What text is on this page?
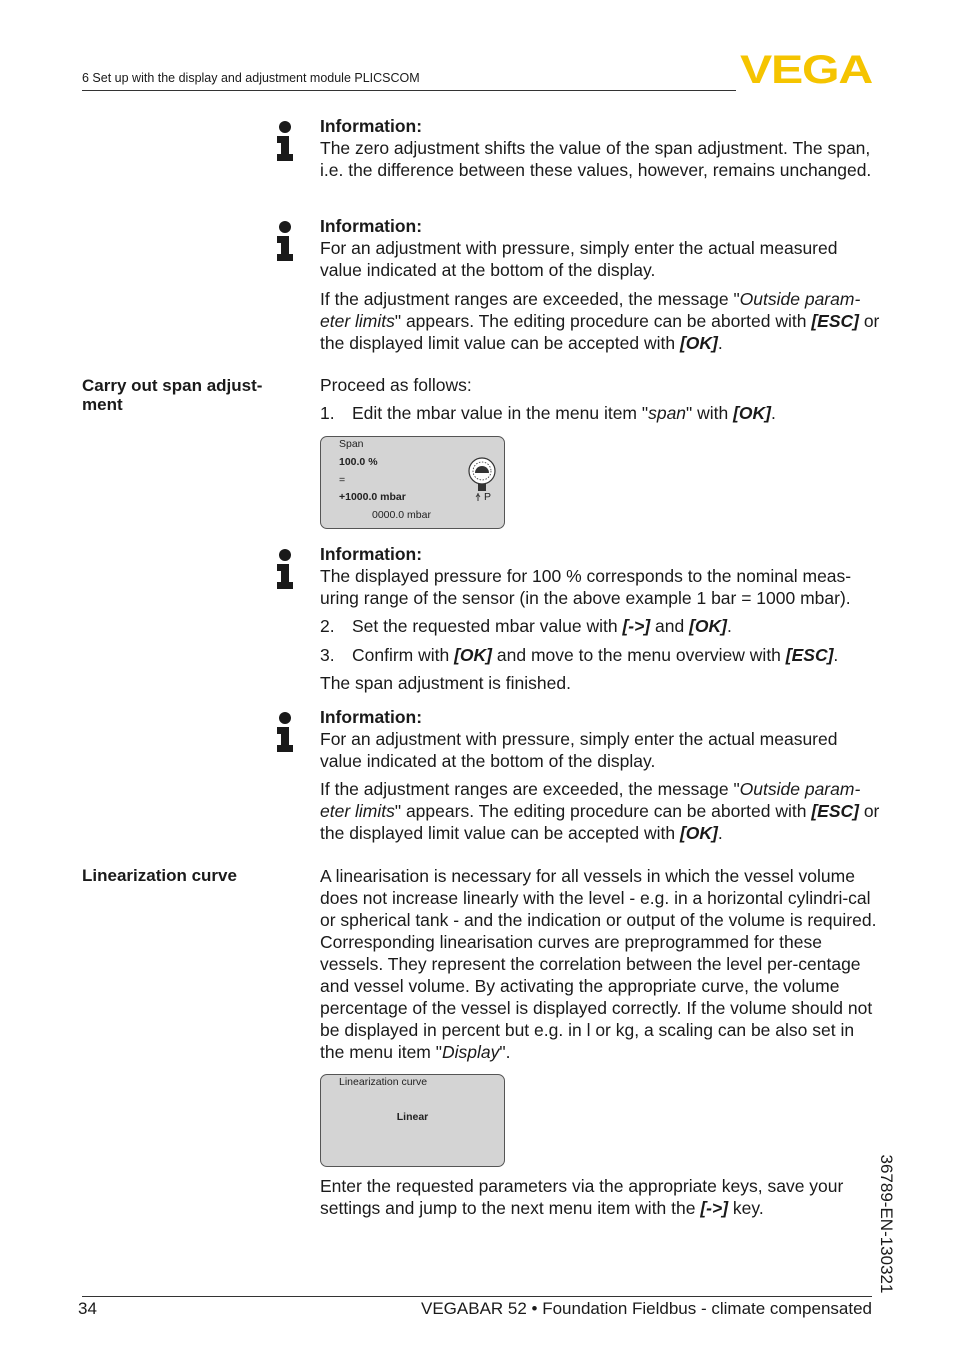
6 Set up with the display and adjustment module PLICSCOM	VEGA
Information:

The zero adjustment shifts the value of the span adjustment. The span, i.e. the difference between these values, however, remains unchanged.

Information:

For an adjustment with pressure, simply enter the actual measured value indicated at the bottom of the display.

If the adjustment ranges are exceeded, the message "Outside param-eter limits" appears. The editing procedure can be aborted with [ESC] or the displayed limit value can be accepted with [OK].

Carry out span adjust-ment

Proceed as follows:

1. Edit the mbar value in the menu item "span" with [OK].

Span
100.0 %
=
+1000.0 mbar
0000.0 mbar
P
Information:

The displayed pressure for 100 % corresponds to the nominal meas-uring range of the sensor (in the above example 1 bar = 1000 mbar).

2. Set the requested mbar value with [->] and [OK].

3. Confirm with [OK] and move to the menu overview with [ESC].

The span adjustment is finished.

Information:

For an adjustment with pressure, simply enter the actual measured value indicated at the bottom of the display.

If the adjustment ranges are exceeded, the message "Outside param-eter limits" appears. The editing procedure can be aborted with [ESC] or the displayed limit value can be accepted with [OK].

Linearization curve	A linearisation is necessary for all vessels in which the vessel volume does not increase linearly with the level - e.g. in a horizontal cylindri-cal or spherical tank - and the indication or output of the volume is required. Corresponding linearisation curves are preprogrammed for these vessels. They represent the correlation between the level per-centage and vessel volume. By activating the appropriate curve, the volume percentage of the vessel is displayed correctly. If the volume should not be displayed in percent but e.g. in l or kg, a scaling can be also set in the menu item "Display".

Linearization curve
Linear

Enter the requested parameters via the appropriate keys, save your settings and jump to the next menu item with the [->] key.	36789-EN-130321
34	VEGABAR 52 • Foundation Fieldbus - climate compensated
